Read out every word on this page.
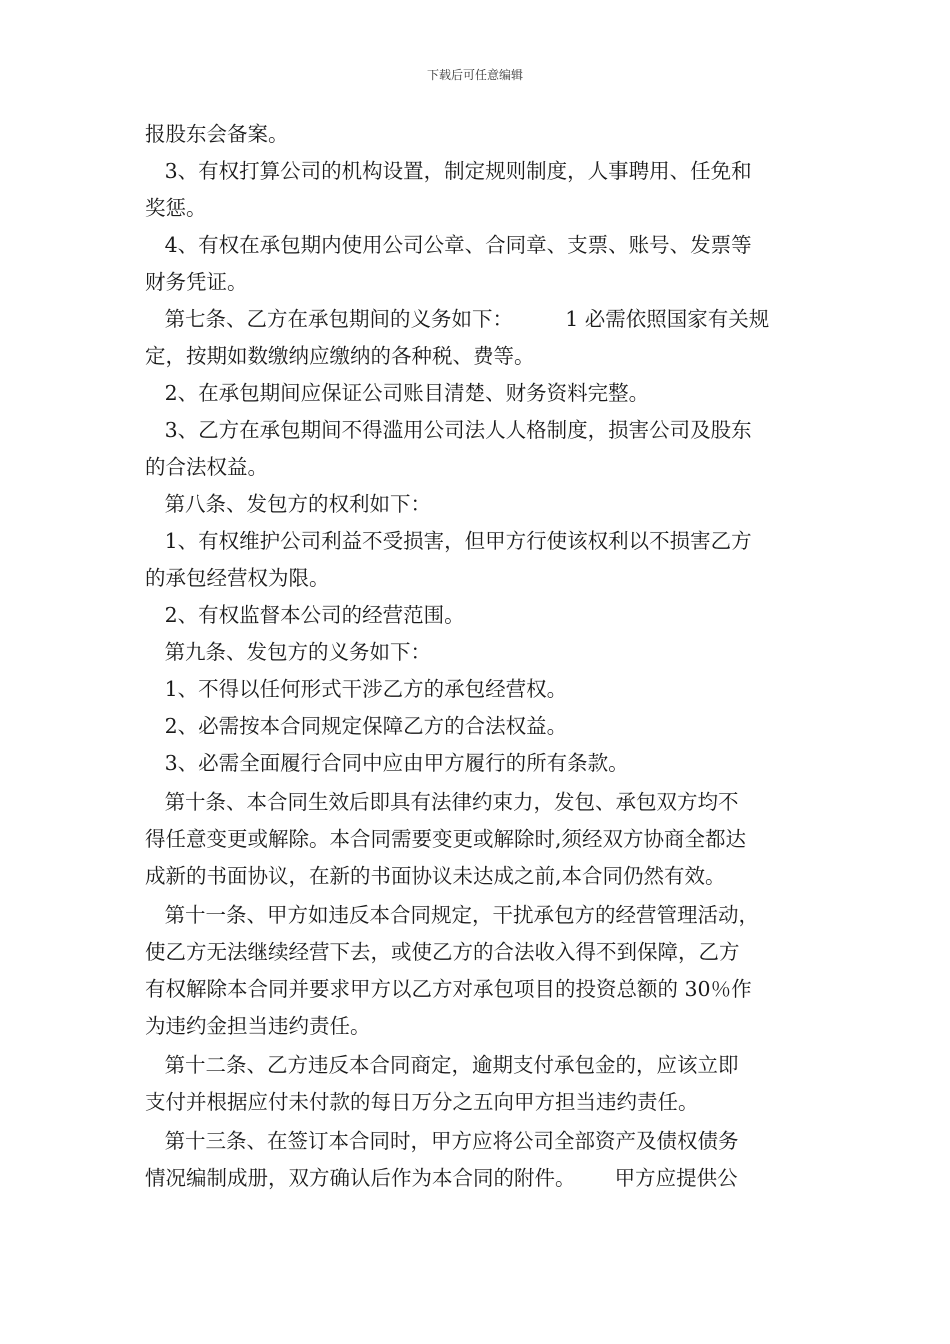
下载后可任意编辑

报股东会备案。

3、有权打算公司的机构设置，制定规则制度，人事聘用、任免和

奖惩。

4、有权在承包期内使用公司公章、合同章、支票、账号、发票等

财务凭证。

第七条、乙方在承包期间的义务如下：        1 必需依照国家有关规

定，按期如数缴纳应缴纳的各种税、费等。

2、在承包期间应保证公司账目清楚、财务资料完整。

3、乙方在承包期间不得滥用公司法人人格制度，损害公司及股东

的合法权益。

第八条、发包方的权利如下：

1、有权维护公司利益不受损害，但甲方行使该权利以不损害乙方

的承包经营权为限。

2、有权监督本公司的经营范围。

第九条、发包方的义务如下：

1、不得以任何形式干涉乙方的承包经营权。

2、必需按本合同规定保障乙方的合法权益。

3、必需全面履行合同中应由甲方履行的所有条款。

第十条、本合同生效后即具有法律约束力，发包、承包双方均不

得任意变更或解除。本合同需要变更或解除时,须经双方协商全都达

成新的书面协议，在新的书面协议未达成之前,本合同仍然有效。

第十一条、甲方如违反本合同规定，干扰承包方的经营管理活动，

使乙方无法继续经营下去，或使乙方的合法收入得不到保障，乙方

有权解除本合同并要求甲方以乙方对承包项目的投资总额的 30％作

为违约金担当违约责任。

第十二条、乙方违反本合同商定，逾期支付承包金的，应该立即

支付并根据应付未付款的每日万分之五向甲方担当违约责任。

第十三条、在签订本合同时，甲方应将公司全部资产及债权债务

情况编制成册，双方确认后作为本合同的附件。      甲方应提供公
